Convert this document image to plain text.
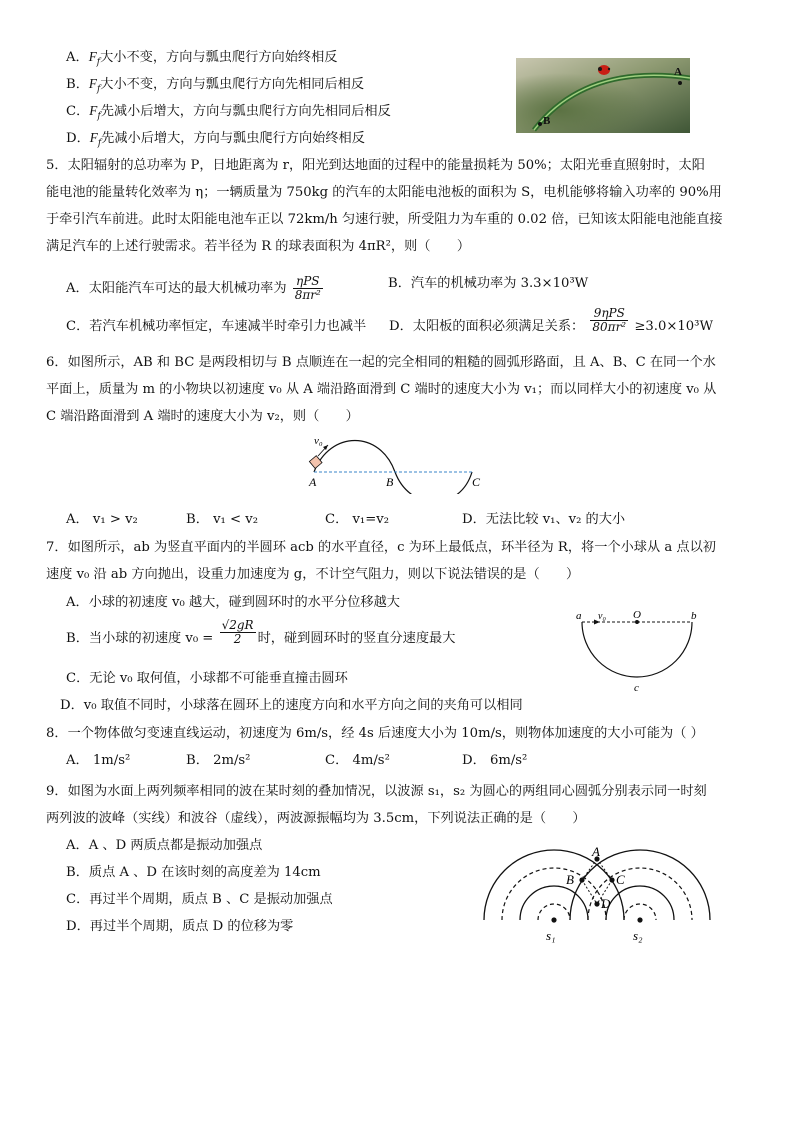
A．$F_f$大小不变，方向与瓢虫爬行方向始终相反
B．$F_f$大小不变，方向与瓢虫爬行方向先相同后相反
C．$F_f$先减小后增大，方向与瓢虫爬行方向先相同后相反
D．$F_f$先减小后增大，方向与瓢虫爬行方向始终相反
A
B
5．太阳辐射的总功率为 P，日地距离为 r，阳光到达地面的过程中的能量损耗为 50%；太阳光垂直照射时，太阳
能电池的能量转化效率为 η；一辆质量为 750kg 的汽车的太阳能电池板的面积为 S，电机能够将输入功率的 90%用
于牵引汽车前进。此时太阳能电池车正以 72km/h 匀速行驶，所受阻力为车重的 0.02 倍，已知该太阳能电池能直接
满足汽车的上述行驶需求。若半径为 R 的球表面积为 4πR²，则（　　）
A．太阳能汽车可达的最大机械功率为 $\frac{\text{ηPS}}{\text{8πr²}}$	B．汽车的机械功率为 3.3×10³W
C．若汽车机械功率恒定，车速减半时牵引力也减半 D．太阳板的面积必须满足关系： $\frac{\text{9ηPS}}{\text{80πr²}} \ge 3.0\times 10^3W$
6．如图所示，AB 和 BC 是两段相切与 B 点顺连在一起的完全相同的粗糙的圆弧形路面，且 A、B、C 在同一个水
平面上，质量为 m 的小物块以初速度 v₀ 从 A 端沿路面滑到 C 端时的速度大小为 v₁；而以同样大小的初速度 v₀ 从
C 端沿路面滑到 A 端时的速度大小为 v₂，则（　　）
v₀
A	B	C
A． v₁ > v₂	B． v₁ < v₂	C． v₁=v₂	D．无法比较 v₁、v₂ 的大小
7．如图所示，ab 为竖直平面内的半圆环 acb 的水平直径，c 为环上最低点，环半径为 R，将一个小球从 a 点以初
速度 v₀ 沿 ab 方向抛出，设重力加速度为 g，不计空气阻力，则以下说法错误的是（　　）
A．小球的初速度 v₀ 越大，碰到圆环时的水平分位移越大
B．当小球的初速度 $v_0 = \frac{√2gR}{2}$ 时，碰到圆环时的竖直分速度最大
C．无论 v₀ 取何值，小球都不可能垂直撞击圆环
D．v₀ 取值不同时，小球落在圆环上的速度方向和水平方向之间的夹角可以相同
a v₀ O	b
c
8．一个物体做匀变速直线运动，初速度为 6m/s，经 4s 后速度大小为 10m/s，则物体加速度的大小可能为（ ）
A． 1m/s²	B． 2m/s²	C． 4m/s²	D． 6m/s²
9．如图为水面上两列频率相同的波在某时刻的叠加情况，以波源 s₁，s₂ 为圆心的两组同心圆弧分别表示同一时刻
两列波的波峰（实线）和波谷（虚线），两波源振幅均为 3.5cm，下列说法正确的是（　　）
A．A 、D 两质点都是振动加强点
B．质点 A 、D 在该时刻的高度差为 14cm
C．再过半个周期，质点 B 、C 是振动加强点
D．再过半个周期，质点 D 的位移为零
A
B	C
D
s₁	s₂
